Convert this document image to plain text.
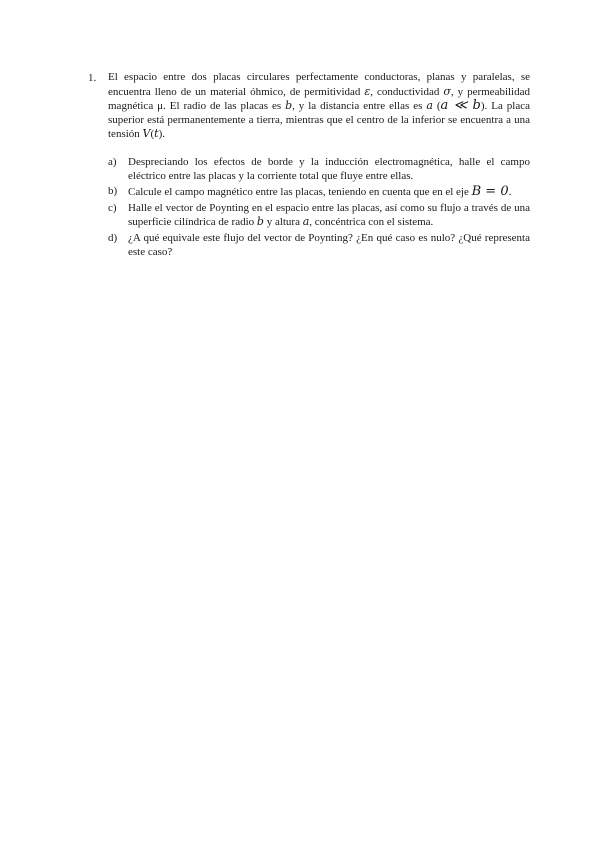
1. El espacio entre dos placas circulares perfectamente conductoras, planas y paralelas, se encuentra lleno de un material óhmico, de permitividad ε, conductividad σ, y permeabilidad magnética μ. El radio de las placas es b, y la distancia entre ellas es a (a ≪ b). La placa superior está permanentemente a tierra, mientras que el centro de la inferior se encuentra a una tensión V(t).

a) Despreciando los efectos de borde y la inducción electromagnética, halle el campo eléctrico entre las placas y la corriente total que fluye entre ellas.
b) Calcule el campo magnético entre las placas, teniendo en cuenta que en el eje B = 0.
c) Halle el vector de Poynting en el espacio entre las placas, así como su flujo a través de una superficie cilíndrica de radio b y altura a, concéntrica con el sistema.
d) ¿A qué equivale este flujo del vector de Poynting? ¿En qué caso es nulo? ¿Qué representa este caso?
